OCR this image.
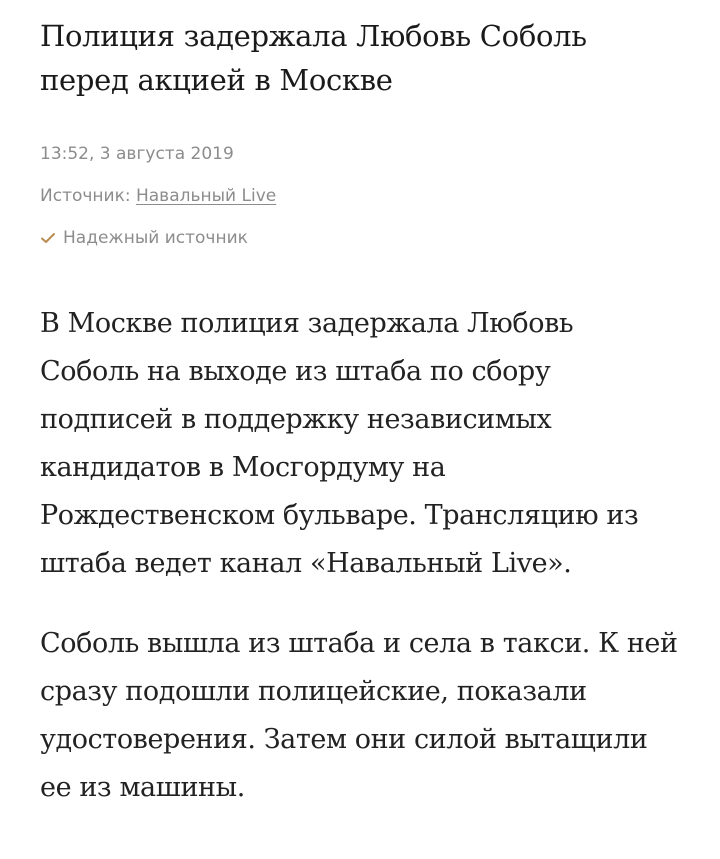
Полиция задержала Любовь Соболь перед акцией в Москве
13:52, 3 августа 2019
Источник: Навальный Live
Надежный источник

В Москве полиция задержала Любовь Соболь на выходе из штаба по сбору подписей в поддержку независимых кандидатов в Мосгордуму на Рождественском бульваре. Трансляцию из штаба ведет канал «Навальный Live».

Соболь вышла из штаба и села в такси. К ней сразу подошли полицейские, показали удостоверения. Затем они силой вытащили ее из машины.
